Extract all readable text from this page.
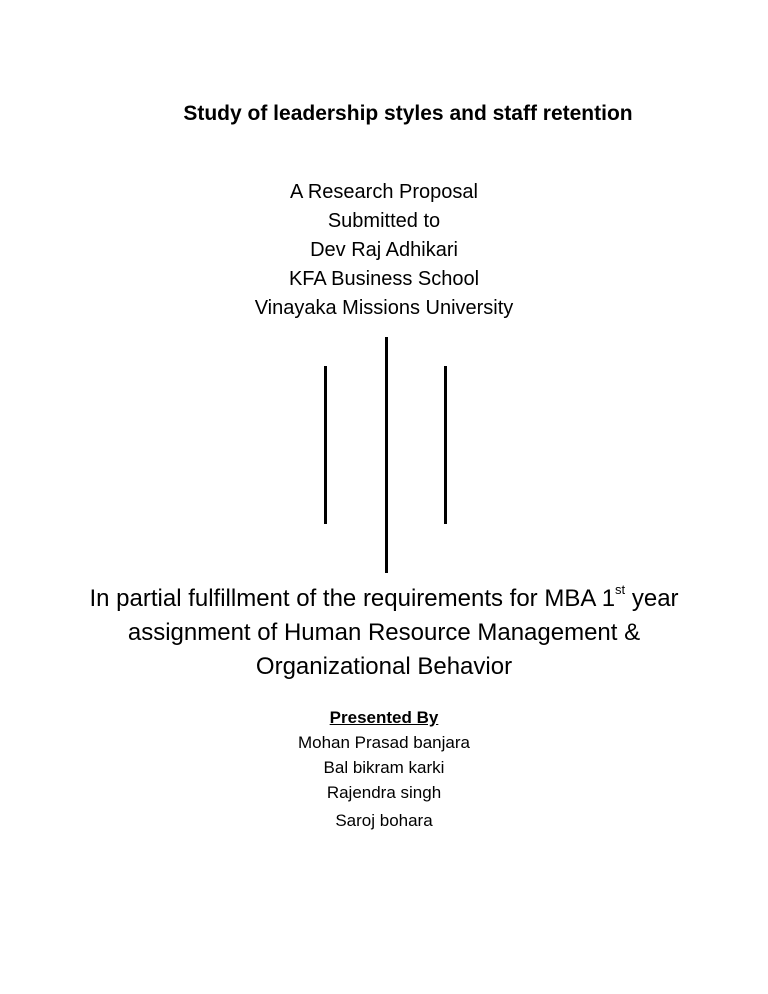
Study of leadership styles and staff retention
A Research Proposal
Submitted to
Dev Raj Adhikari
KFA Business School
Vinayaka Missions University
In partial fulfillment of the requirements for MBA 1st year
assignment of Human Resource Management &
Organizational Behavior
Presented By
Mohan Prasad banjara
Bal bikram karki
Rajendra singh
Saroj bohara
